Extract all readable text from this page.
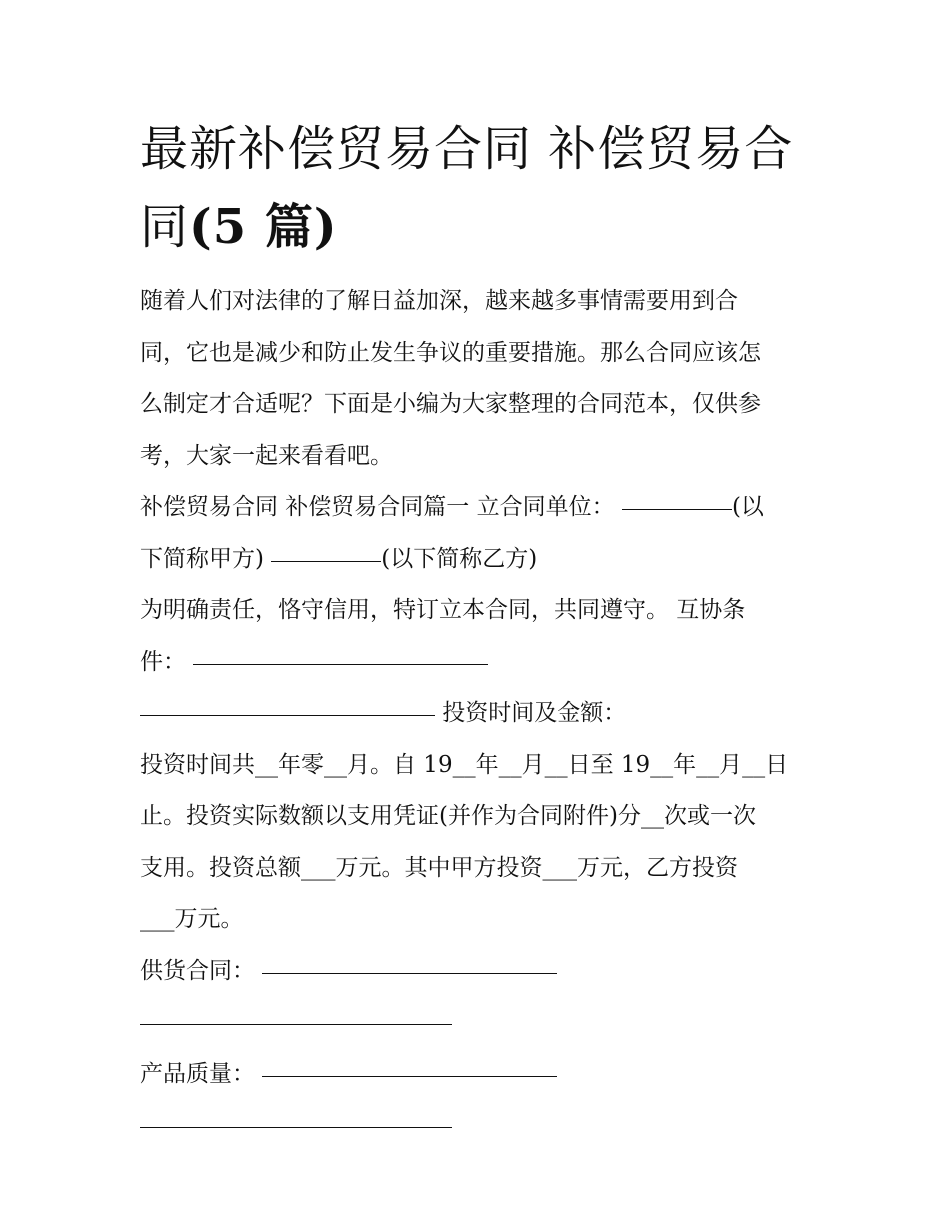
最新补偿贸易合同 补偿贸易合
同(5 篇)
随着人们对法律的了解日益加深，越来越多事情需要用到合
同，它也是减少和防止发生争议的重要措施。那么合同应该怎
么制定才合适呢？下面是小编为大家整理的合同范本，仅供参
考，大家一起来看看吧。
补偿贸易合同 补偿贸易合同篇一 立合同单位：	(以
下简称甲方)	(以下简称乙方)
为明确责任，恪守信用，特订立本合同，共同遵守。 互协条
件：
投资时间及金额：
投资时间共__年零__月。自 19__年__月__日至 19__年__月__日
止。投资实际数额以支用凭证(并作为合同附件)分__次或一次
支用。投资总额___万元。其中甲方投资___万元，乙方投资
___万元。
供货合同：
产品质量：
